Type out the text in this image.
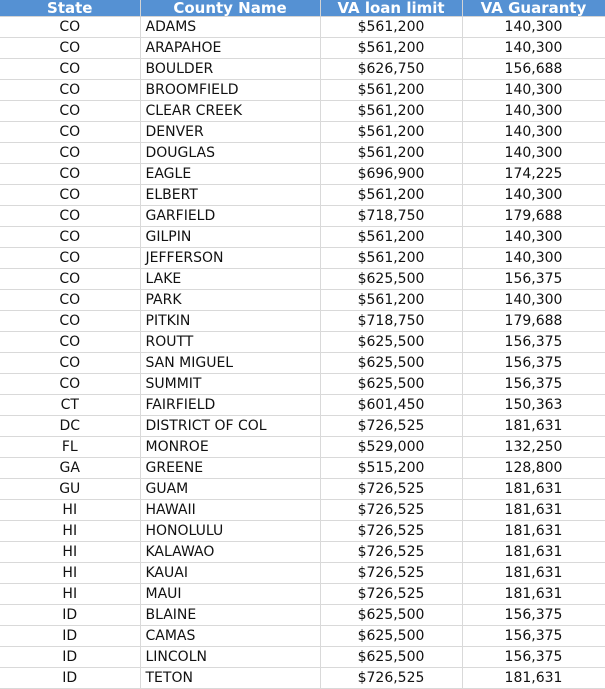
State	County Name	VA loan limit	VA Guaranty
CO	ADAMS	$561,200	140,300
CO	ARAPAHOE	$561,200	140,300
CO	BOULDER	$626,750	156,688
CO	BROOMFIELD	$561,200	140,300
CO	CLEAR CREEK	$561,200	140,300
CO	DENVER	$561,200	140,300
CO	DOUGLAS	$561,200	140,300
CO	EAGLE	$696,900	174,225
CO	ELBERT	$561,200	140,300
CO	GARFIELD	$718,750	179,688
CO	GILPIN	$561,200	140,300
CO	JEFFERSON	$561,200	140,300
CO	LAKE	$625,500	156,375
CO	PARK	$561,200	140,300
CO	PITKIN	$718,750	179,688
CO	ROUTT	$625,500	156,375
CO	SAN MIGUEL	$625,500	156,375
CO	SUMMIT	$625,500	156,375
CT	FAIRFIELD	$601,450	150,363
DC	DISTRICT OF COL	$726,525	181,631
FL	MONROE	$529,000	132,250
GA	GREENE	$515,200	128,800
GU	GUAM	$726,525	181,631
HI	HAWAII	$726,525	181,631
HI	HONOLULU	$726,525	181,631
HI	KALAWAO	$726,525	181,631
HI	KAUAI	$726,525	181,631
HI	MAUI	$726,525	181,631
ID	BLAINE	$625,500	156,375
ID	CAMAS	$625,500	156,375
ID	LINCOLN	$625,500	156,375
ID	TETON	$726,525	181,631
